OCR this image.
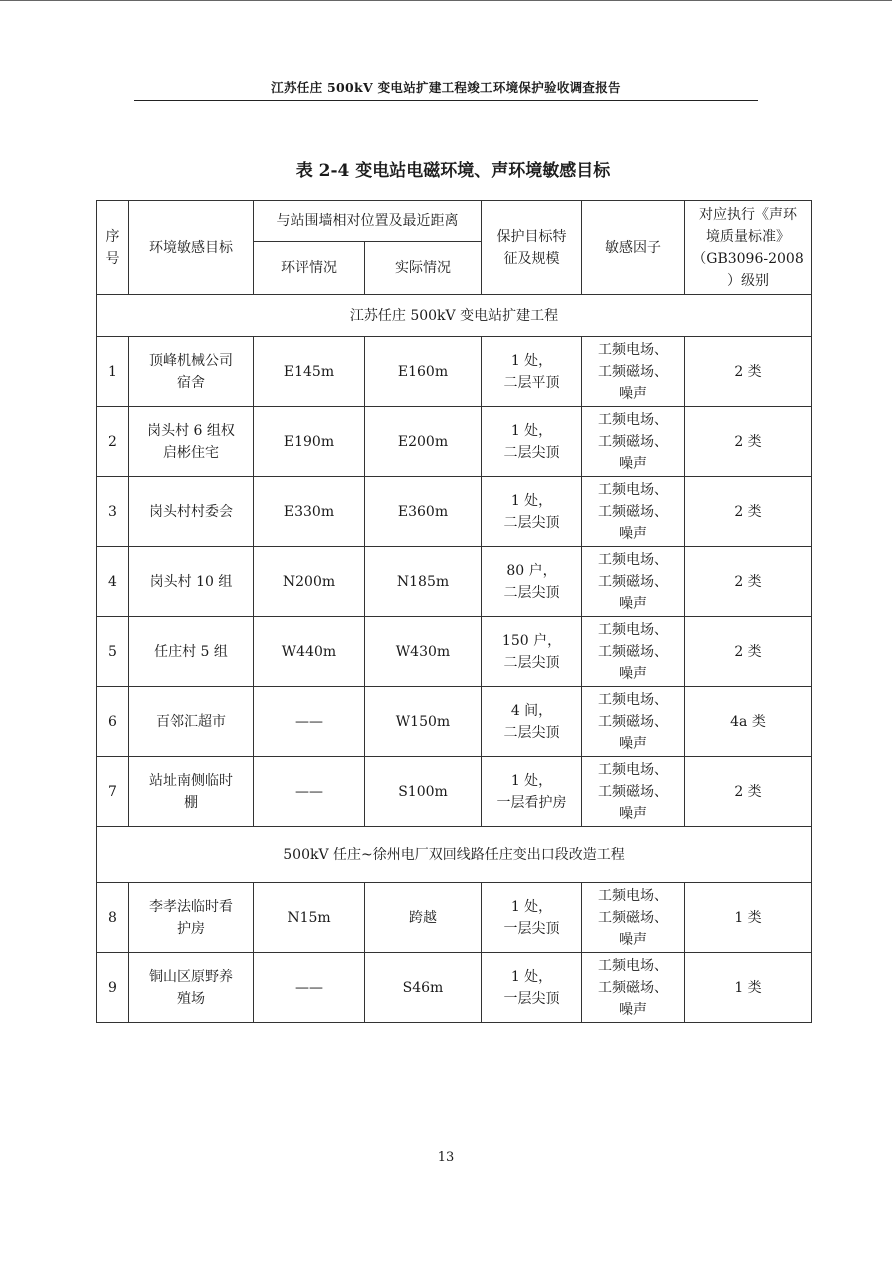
江苏任庄 500kV 变电站扩建工程竣工环境保护验收调查报告
表 2-4 变电站电磁环境、声环境敏感目标
序
号	环境敏感目标	与站围墙相对位置及最近距离		保护目标特
征及规模	敏感因子	对应执行《声环
境质量标准》
（GB3096-2008
）级别

		环评情况	实际情况			
江苏任庄 500kV 变电站扩建工程						
1	顶峰机械公司
宿舍	E145m	E160m	1 处，
二层平顶	工频电场、
工频磁场、
噪声	2 类
2	岗头村 6 组权
启彬住宅	E190m	E200m	1 处，
二层尖顶	工频电场、
工频磁场、
噪声	2 类
3	岗头村村委会	E330m	E360m	1 处，
二层尖顶	工频电场、
工频磁场、
噪声	2 类
4	岗头村 10 组	N200m	N185m	80 户，
二层尖顶	工频电场、
工频磁场、
噪声	2 类
5	任庄村 5 组	W440m	W430m	150 户，
二层尖顶	工频电场、
工频磁场、
噪声	2 类
6	百邻汇超市	——	W150m	4 间，
二层尖顶	工频电场、
工频磁场、
噪声	4a 类
7	站址南侧临时
棚	——	S100m	1 处，
一层看护房	工频电场、
工频磁场、
噪声	2 类
500kV 任庄~徐州电厂双回线路任庄变出口段改造工程						
8	李孝法临时看
护房	N15m	跨越	1 处，
一层尖顶	工频电场、
工频磁场、
噪声	1 类
9	铜山区原野养
殖场	——	S46m	1 处，
一层尖顶	工频电场、
工频磁场、
噪声	1 类
13
